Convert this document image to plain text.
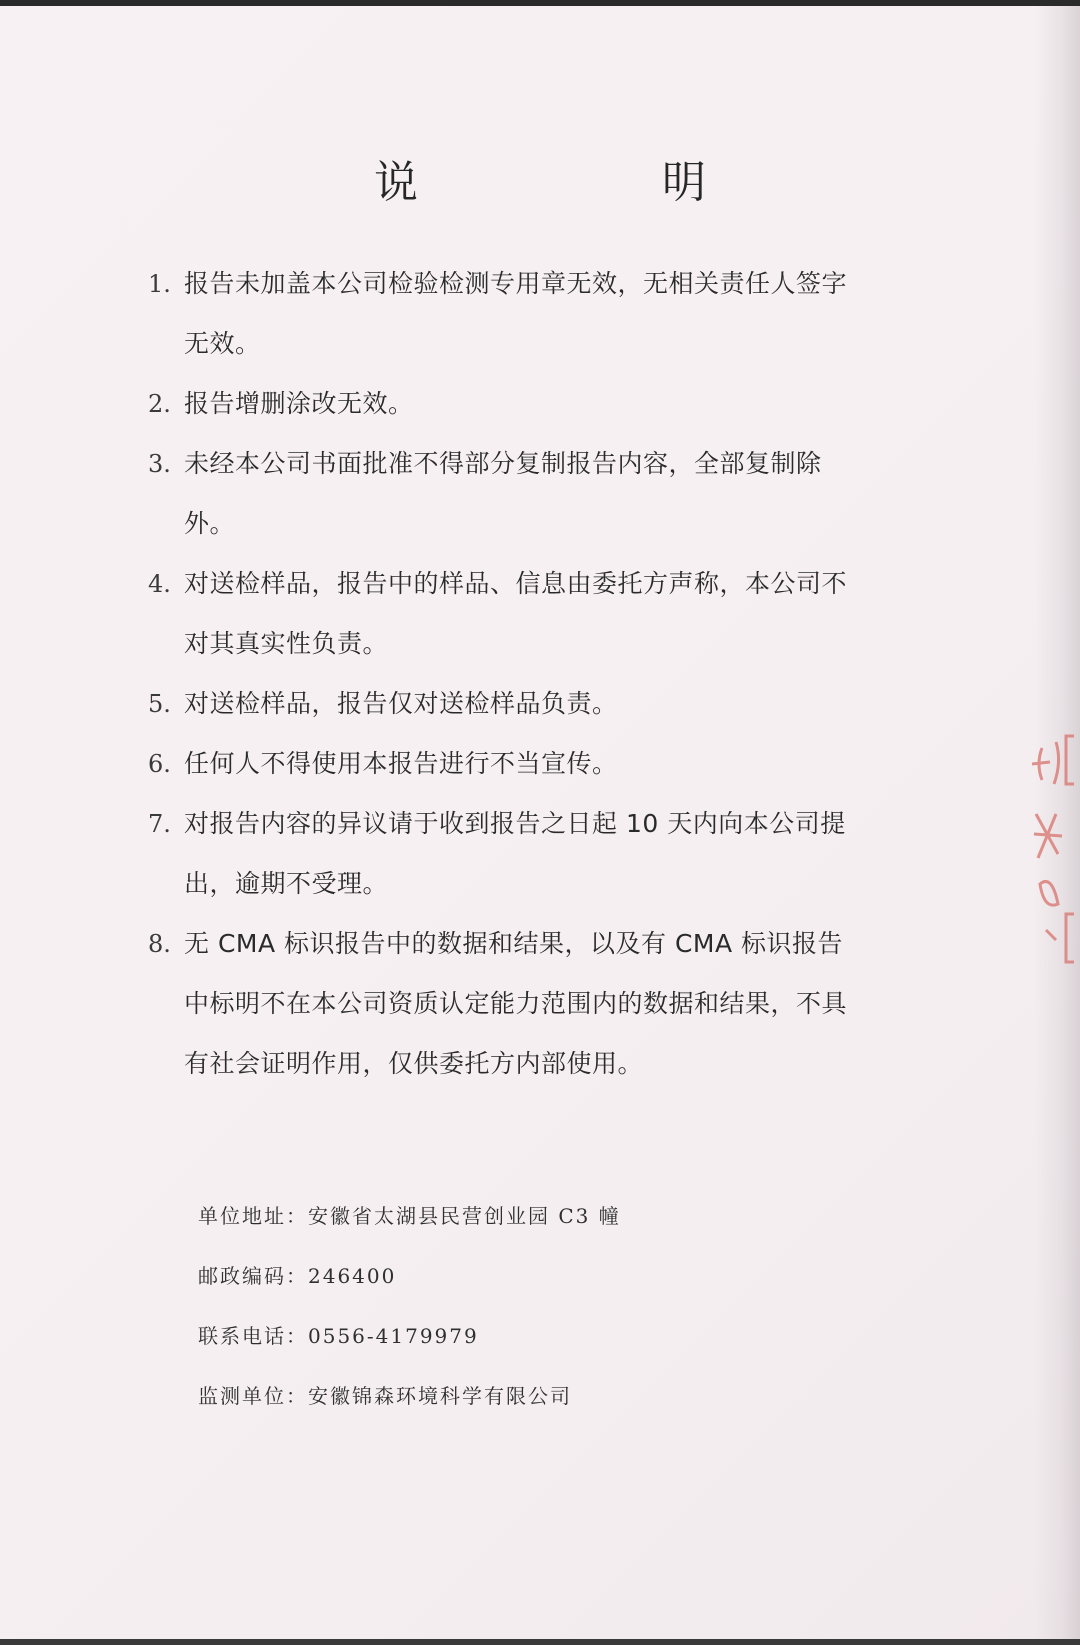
说　明
1. 报告未加盖本公司检验检测专用章无效，无相关责任人签字无效。
2. 报告增删涂改无效。
3. 未经本公司书面批准不得部分复制报告内容，全部复制除外。
4. 对送检样品，报告中的样品、信息由委托方声称，本公司不对其真实性负责。
5. 对送检样品，报告仅对送检样品负责。
6. 任何人不得使用本报告进行不当宣传。
7. 对报告内容的异议请于收到报告之日起 10 天内向本公司提出，逾期不受理。
8. 无 CMA 标识报告中的数据和结果，以及有 CMA 标识报告中标明不在本公司资质认定能力范围内的数据和结果，不具有社会证明作用，仅供委托方内部使用。
单位地址：安徽省太湖县民营创业园 C3 幢
邮政编码：246400
联系电话：0556-4179979
监测单位：安徽锦森环境科学有限公司
